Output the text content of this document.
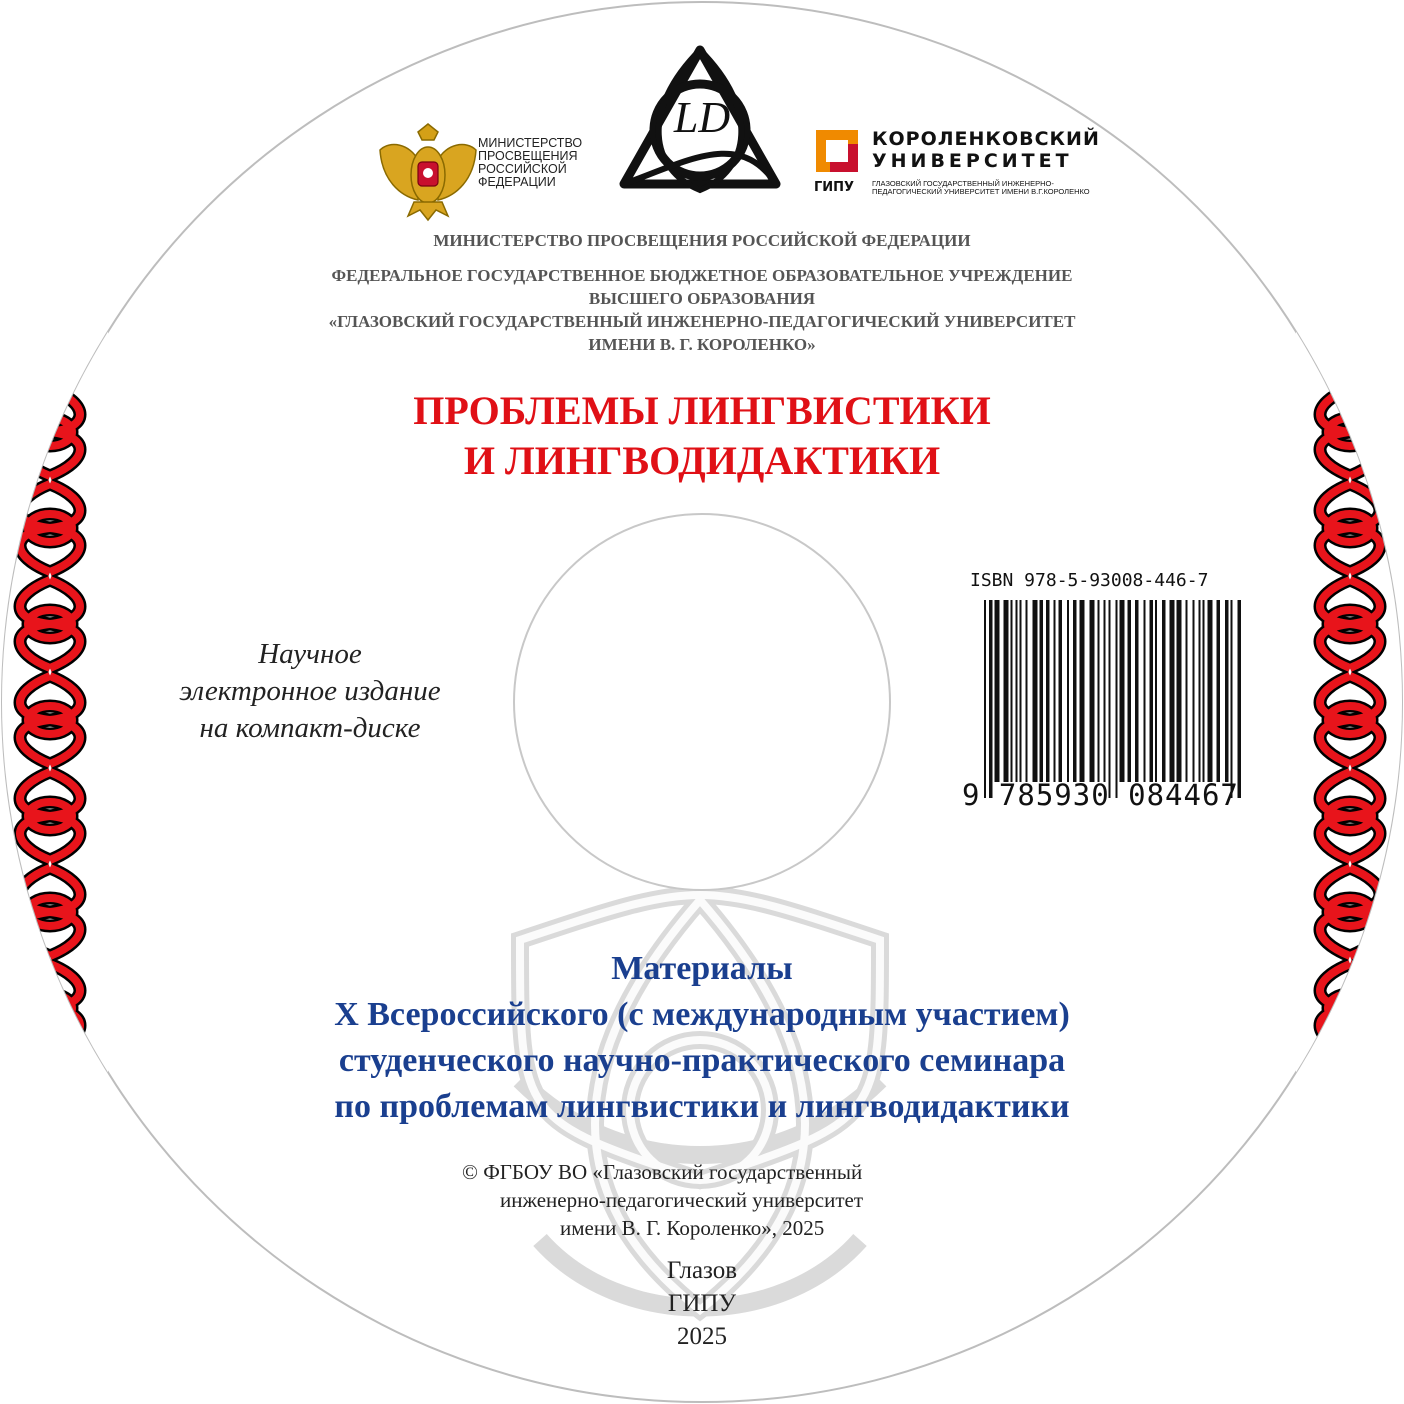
МИНИСТЕРСТВО
ПРОСВЕЩЕНИЯ
РОССИЙСКОЙ
ФЕДЕРАЦИИ
LD	КОРОЛЕНКОВСКИЙ
УНИВЕРСИТЕТ
ГИПУ ГЛАЗОВСКИЙ ГОСУДАРСТВЕННЫЙ ИНЖЕНЕРНО-
ПЕДАГОГИЧЕСКИЙ УНИВЕРСИТЕТ ИМЕНИ В.Г.КОРОЛЕНКО
МИНИСТЕРСТВО ПРОСВЕЩЕНИЯ РОССИЙСКОЙ ФЕДЕРАЦИИ
ФЕДЕРАЛЬНОЕ ГОСУДАРСТВЕННОЕ БЮДЖЕТНОЕ ОБРАЗОВАТЕЛЬНОЕ УЧРЕЖДЕНИЕ
ВЫСШЕГО ОБРАЗОВАНИЯ
«ГЛАЗОВСКИЙ ГОСУДАРСТВЕННЫЙ ИНЖЕНЕРНО-ПЕДАГОГИЧЕСКИЙ УНИВЕРСИТЕТ
ИМЕНИ В. Г. КОРОЛЕНКО»
ПРОБЛЕМЫ ЛИНГВИСТИКИ
И ЛИНГВОДИДАКТИКИ
Научное
электронное издание
на компакт-диске
ISBN 978-5-93008-446-7
9 785930 084467
Материалы
X Всероссийского (с международным участием)
студенческого научно-практического семинара
по проблемам лингвистики и лингводидактики
© ФГБОУ ВО «Глазовский государственный
инженерно-педагогический университет
имени В. Г. Короленко», 2025
Глазов
ГИПУ
2025
